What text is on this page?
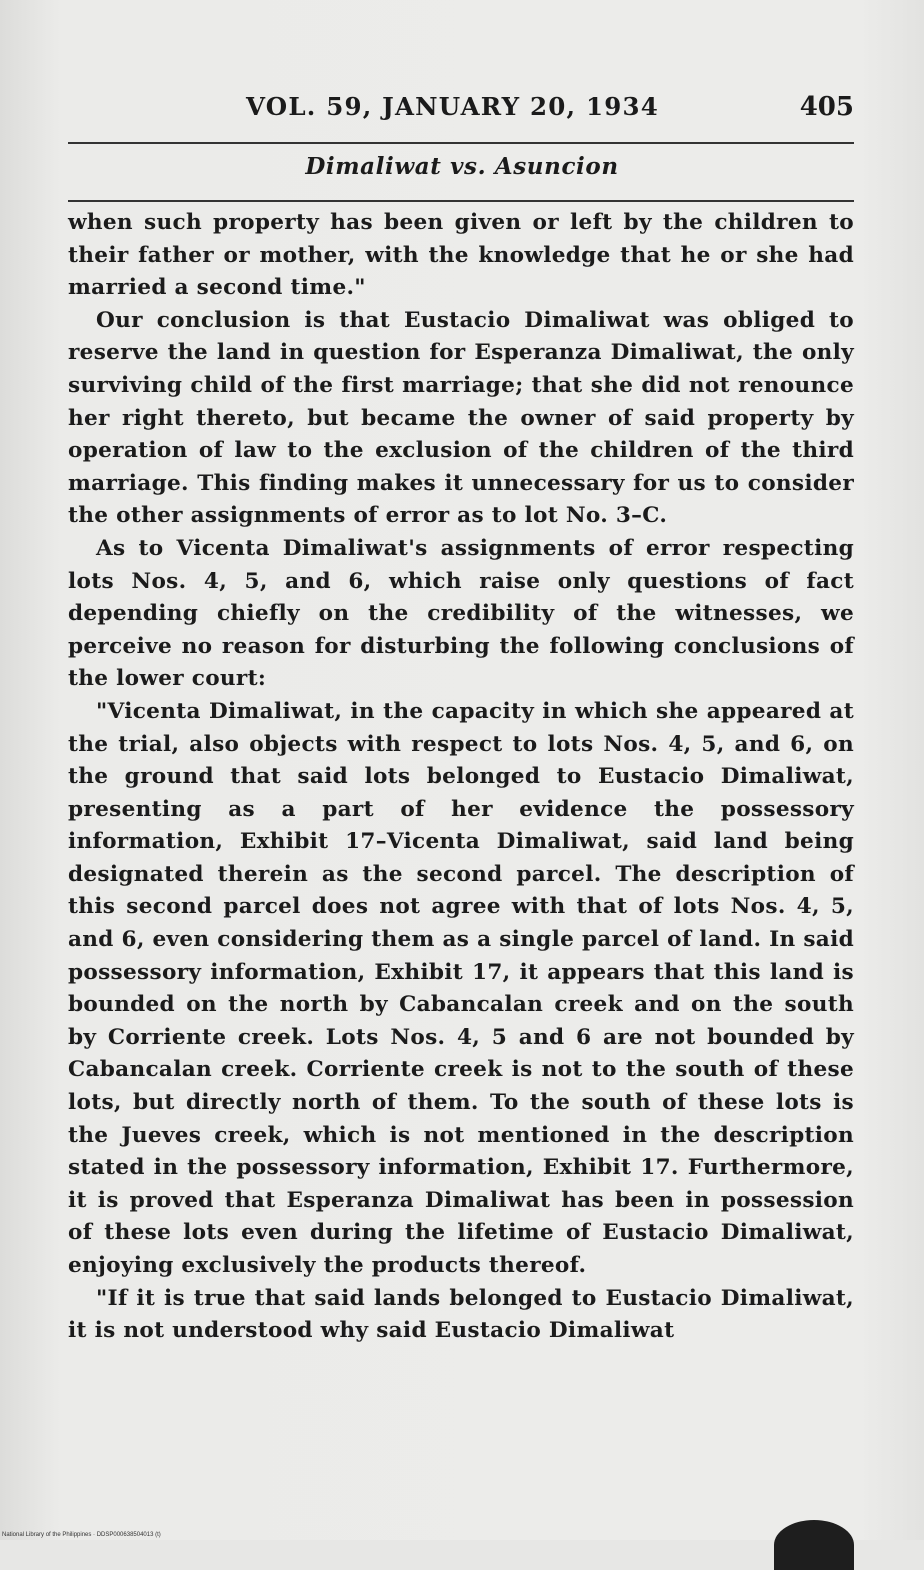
VOL. 59, JANUARY 20, 1934	405
Dimaliwat vs. Asuncion

when such property has been given or left by the children to their father or mother, with the knowledge that he or she had married a second time."

Our conclusion is that Eustacio Dimaliwat was obliged to reserve the land in question for Esperanza Dimaliwat, the only surviving child of the first marriage; that she did not renounce her right thereto, but became the owner of said property by operation of law to the exclusion of the children of the third marriage. This finding makes it unnecessary for us to consider the other assignments of error as to lot No. 3–C.

As to Vicenta Dimaliwat's assignments of error respecting lots Nos. 4, 5, and 6, which raise only questions of fact depending chiefly on the credibility of the witnesses, we perceive no reason for disturbing the following conclusions of the lower court:

"Vicenta Dimaliwat, in the capacity in which she appeared at the trial, also objects with respect to lots Nos. 4, 5, and 6, on the ground that said lots belonged to Eustacio Dimaliwat, presenting as a part of her evidence the possessory information, Exhibit 17–Vicenta Dimaliwat, said land being designated therein as the second parcel. The description of this second parcel does not agree with that of lots Nos. 4, 5, and 6, even considering them as a single parcel of land. In said possessory information, Exhibit 17, it appears that this land is bounded on the north by Cabancalan creek and on the south by Corriente creek. Lots Nos. 4, 5 and 6 are not bounded by Cabancalan creek. Corriente creek is not to the south of these lots, but directly north of them. To the south of these lots is the Jueves creek, which is not mentioned in the description stated in the possessory information, Exhibit 17. Furthermore, it is proved that Esperanza Dimaliwat has been in possession of these lots even during the lifetime of Eustacio Dimaliwat, enjoying exclusively the products thereof.

"If it is true that said lands belonged to Eustacio Dimaliwat, it is not understood why said Eustacio Dimaliwat

National Library of the Philippines · DDSP000638504013 (t)
